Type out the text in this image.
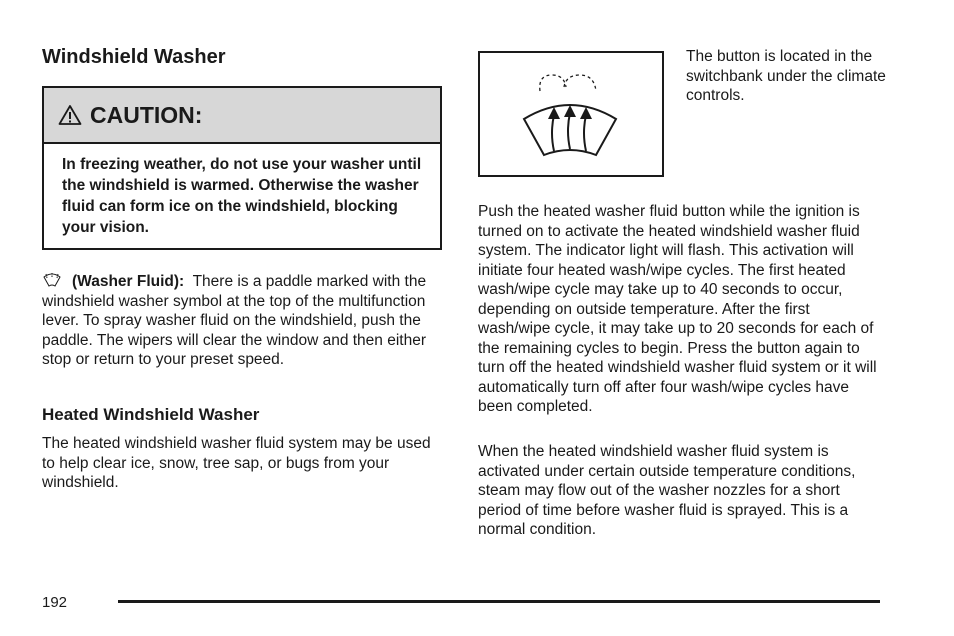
Windshield Washer
CAUTION:
In freezing weather, do not use your washer until the windshield is warmed. Otherwise the washer fluid can form ice on the windshield, blocking your vision.
(Washer Fluid): There is a paddle marked with the windshield washer symbol at the top of the multifunction lever. To spray washer fluid on the windshield, push the paddle. The wipers will clear the window and then either stop or return to your preset speed.
Heated Windshield Washer
The heated windshield washer fluid system may be used to help clear ice, snow, tree sap, or bugs from your windshield.
The button is located in the switchbank under the climate controls.
Push the heated washer fluid button while the ignition is turned on to activate the heated windshield washer fluid system. The indicator light will flash. This activation will initiate four heated wash/wipe cycles. The first heated wash/wipe cycle may take up to 40 seconds to occur, depending on outside temperature. After the first wash/wipe cycle, it may take up to 20 seconds for each of the remaining cycles to begin. Press the button again to turn off the heated windshield washer fluid system or it will automatically turn off after four wash/wipe cycles have been completed.
When the heated windshield washer fluid system is activated under certain outside temperature conditions, steam may flow out of the washer nozzles for a short period of time before washer fluid is sprayed. This is a normal condition.
192
